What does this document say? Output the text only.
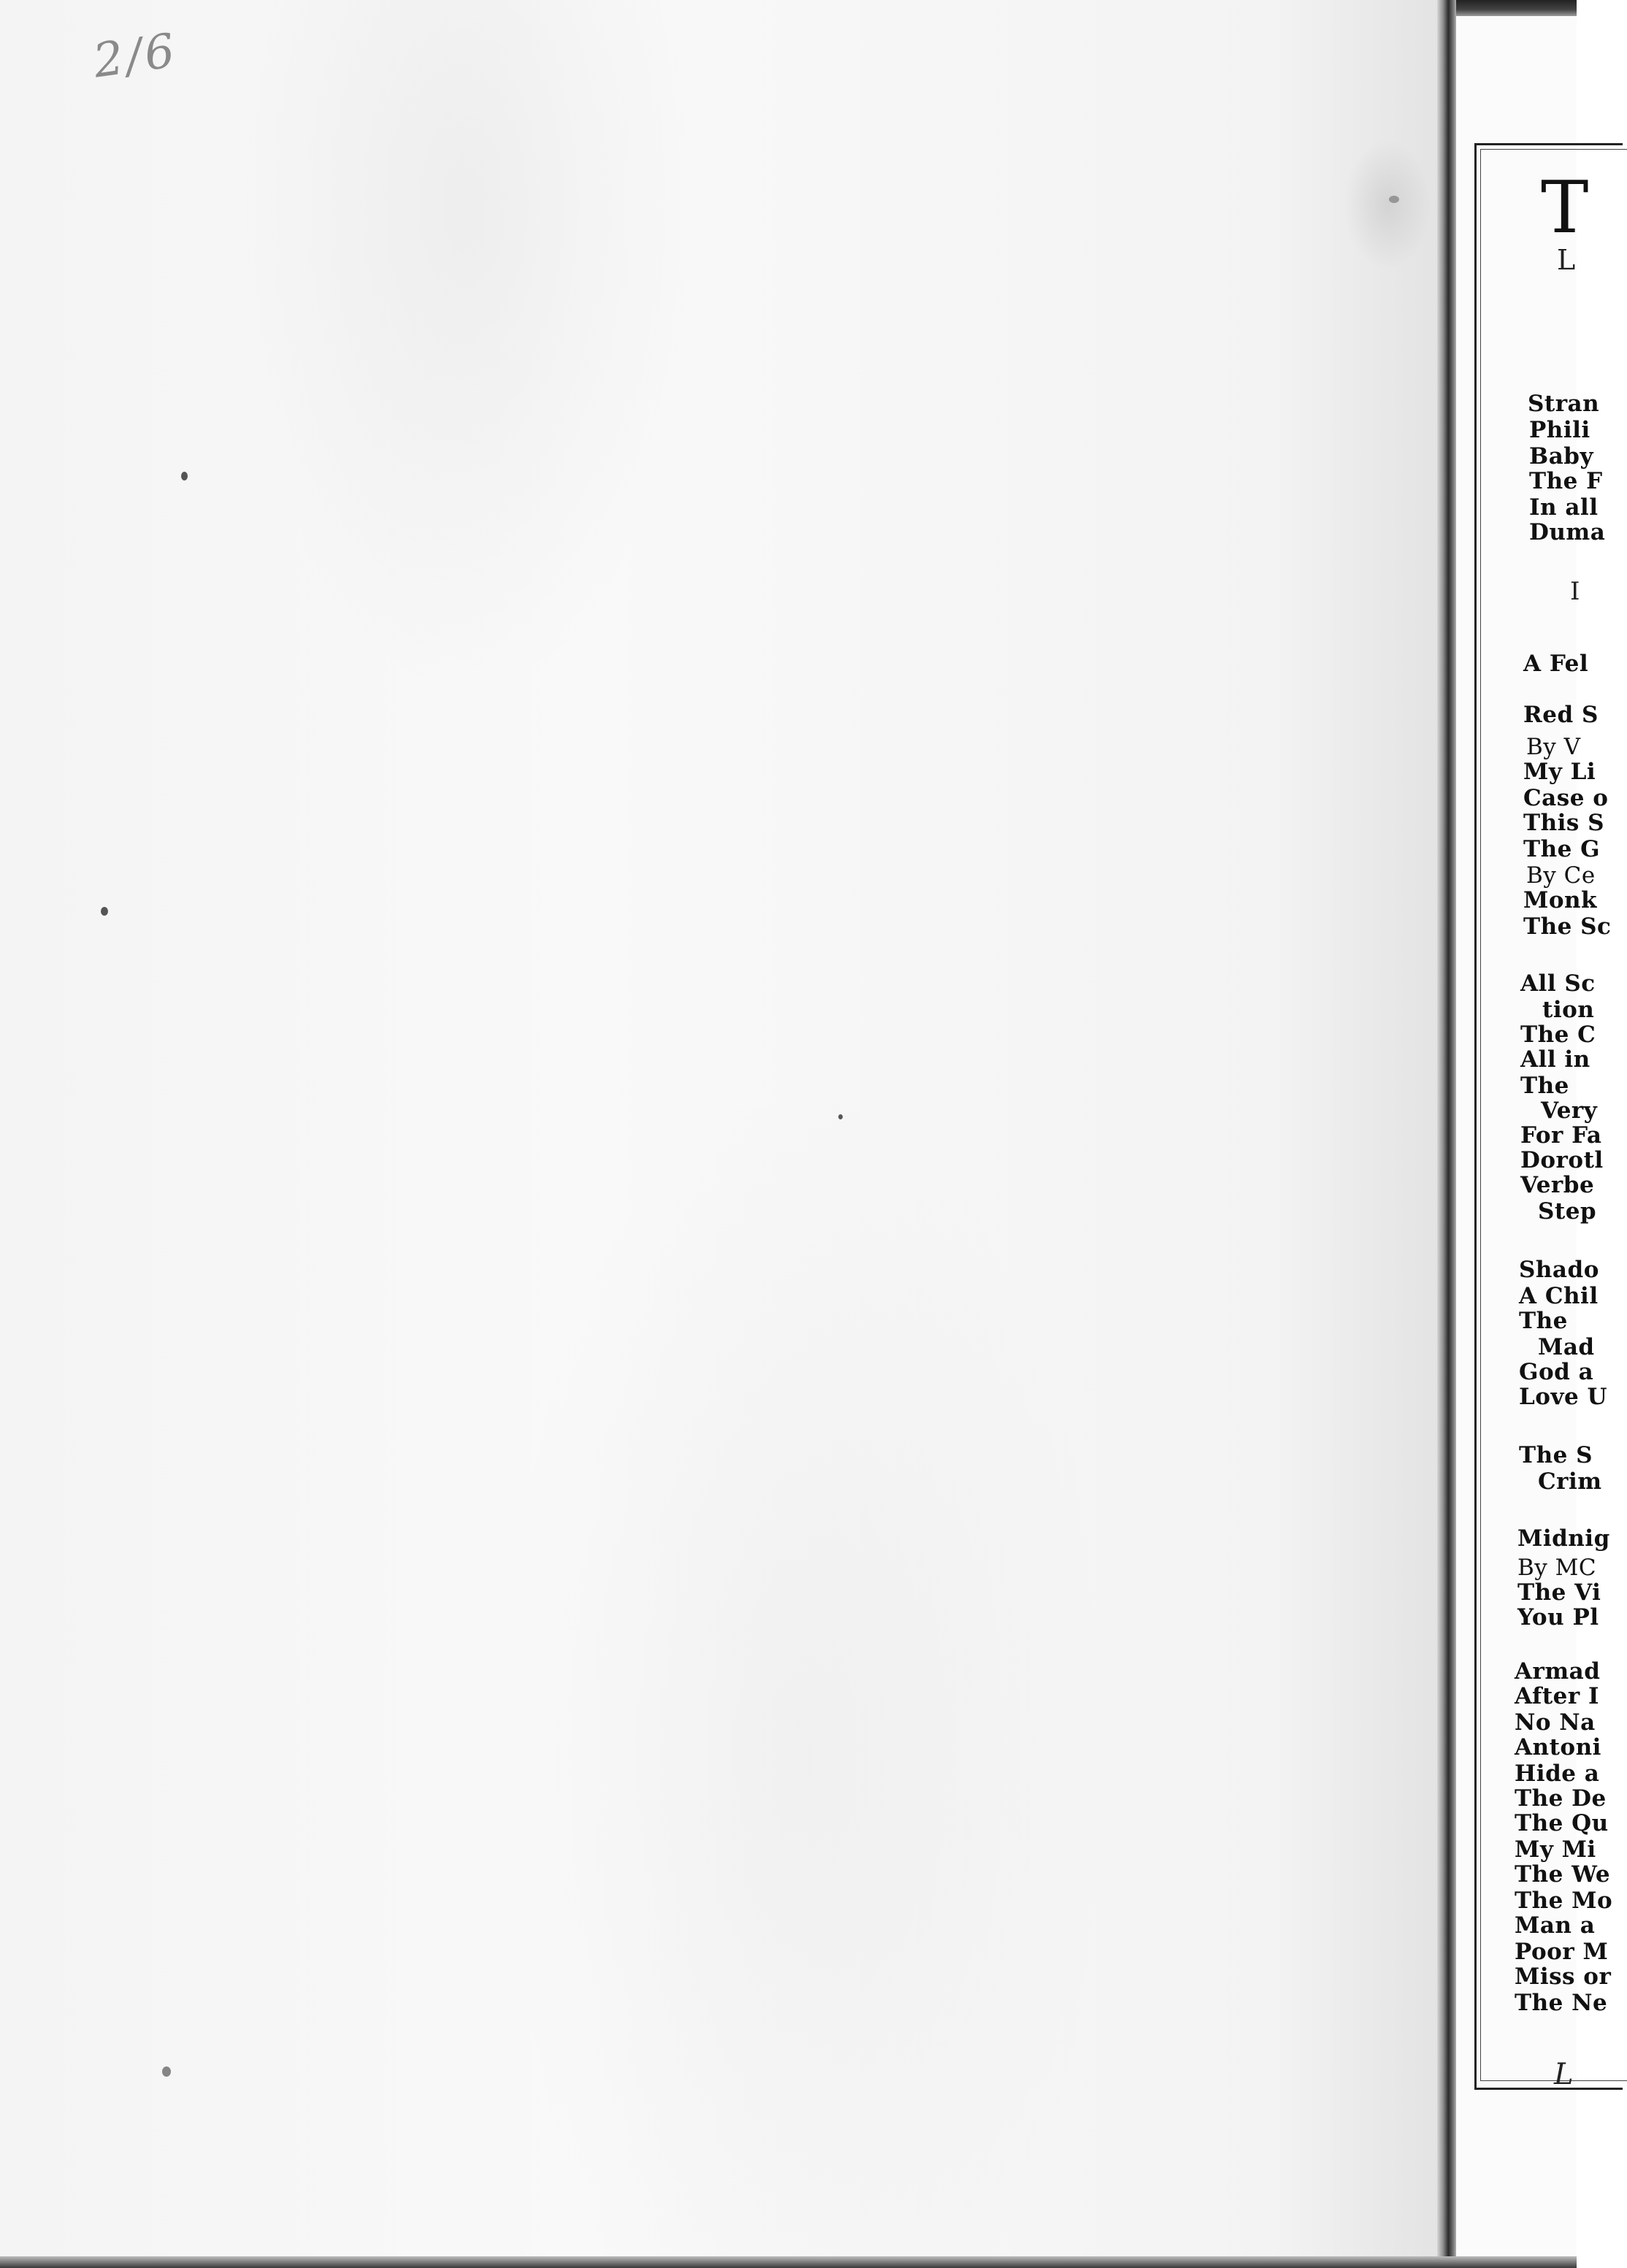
2/6
T
L
I
Stran
Phili
Baby
The F
In all
Duma
A Fel
Red S
By V
My Li
Case o
This S
The G
By Ce
Monk
The Sc
All Sc
tion
The C
All in
The
Very
For Fa
Dorotl
Verbe
Step
Shado
A Chil
The
Mad
God a
Love U
The S
Crim
Midnig
By MC
The Vi
You Pl
Armad
After I
No Na
Antoni
Hide a
The De
The Qu
My Mi
The We
The Mo
Man a
Poor M
Miss or
The Ne
L
